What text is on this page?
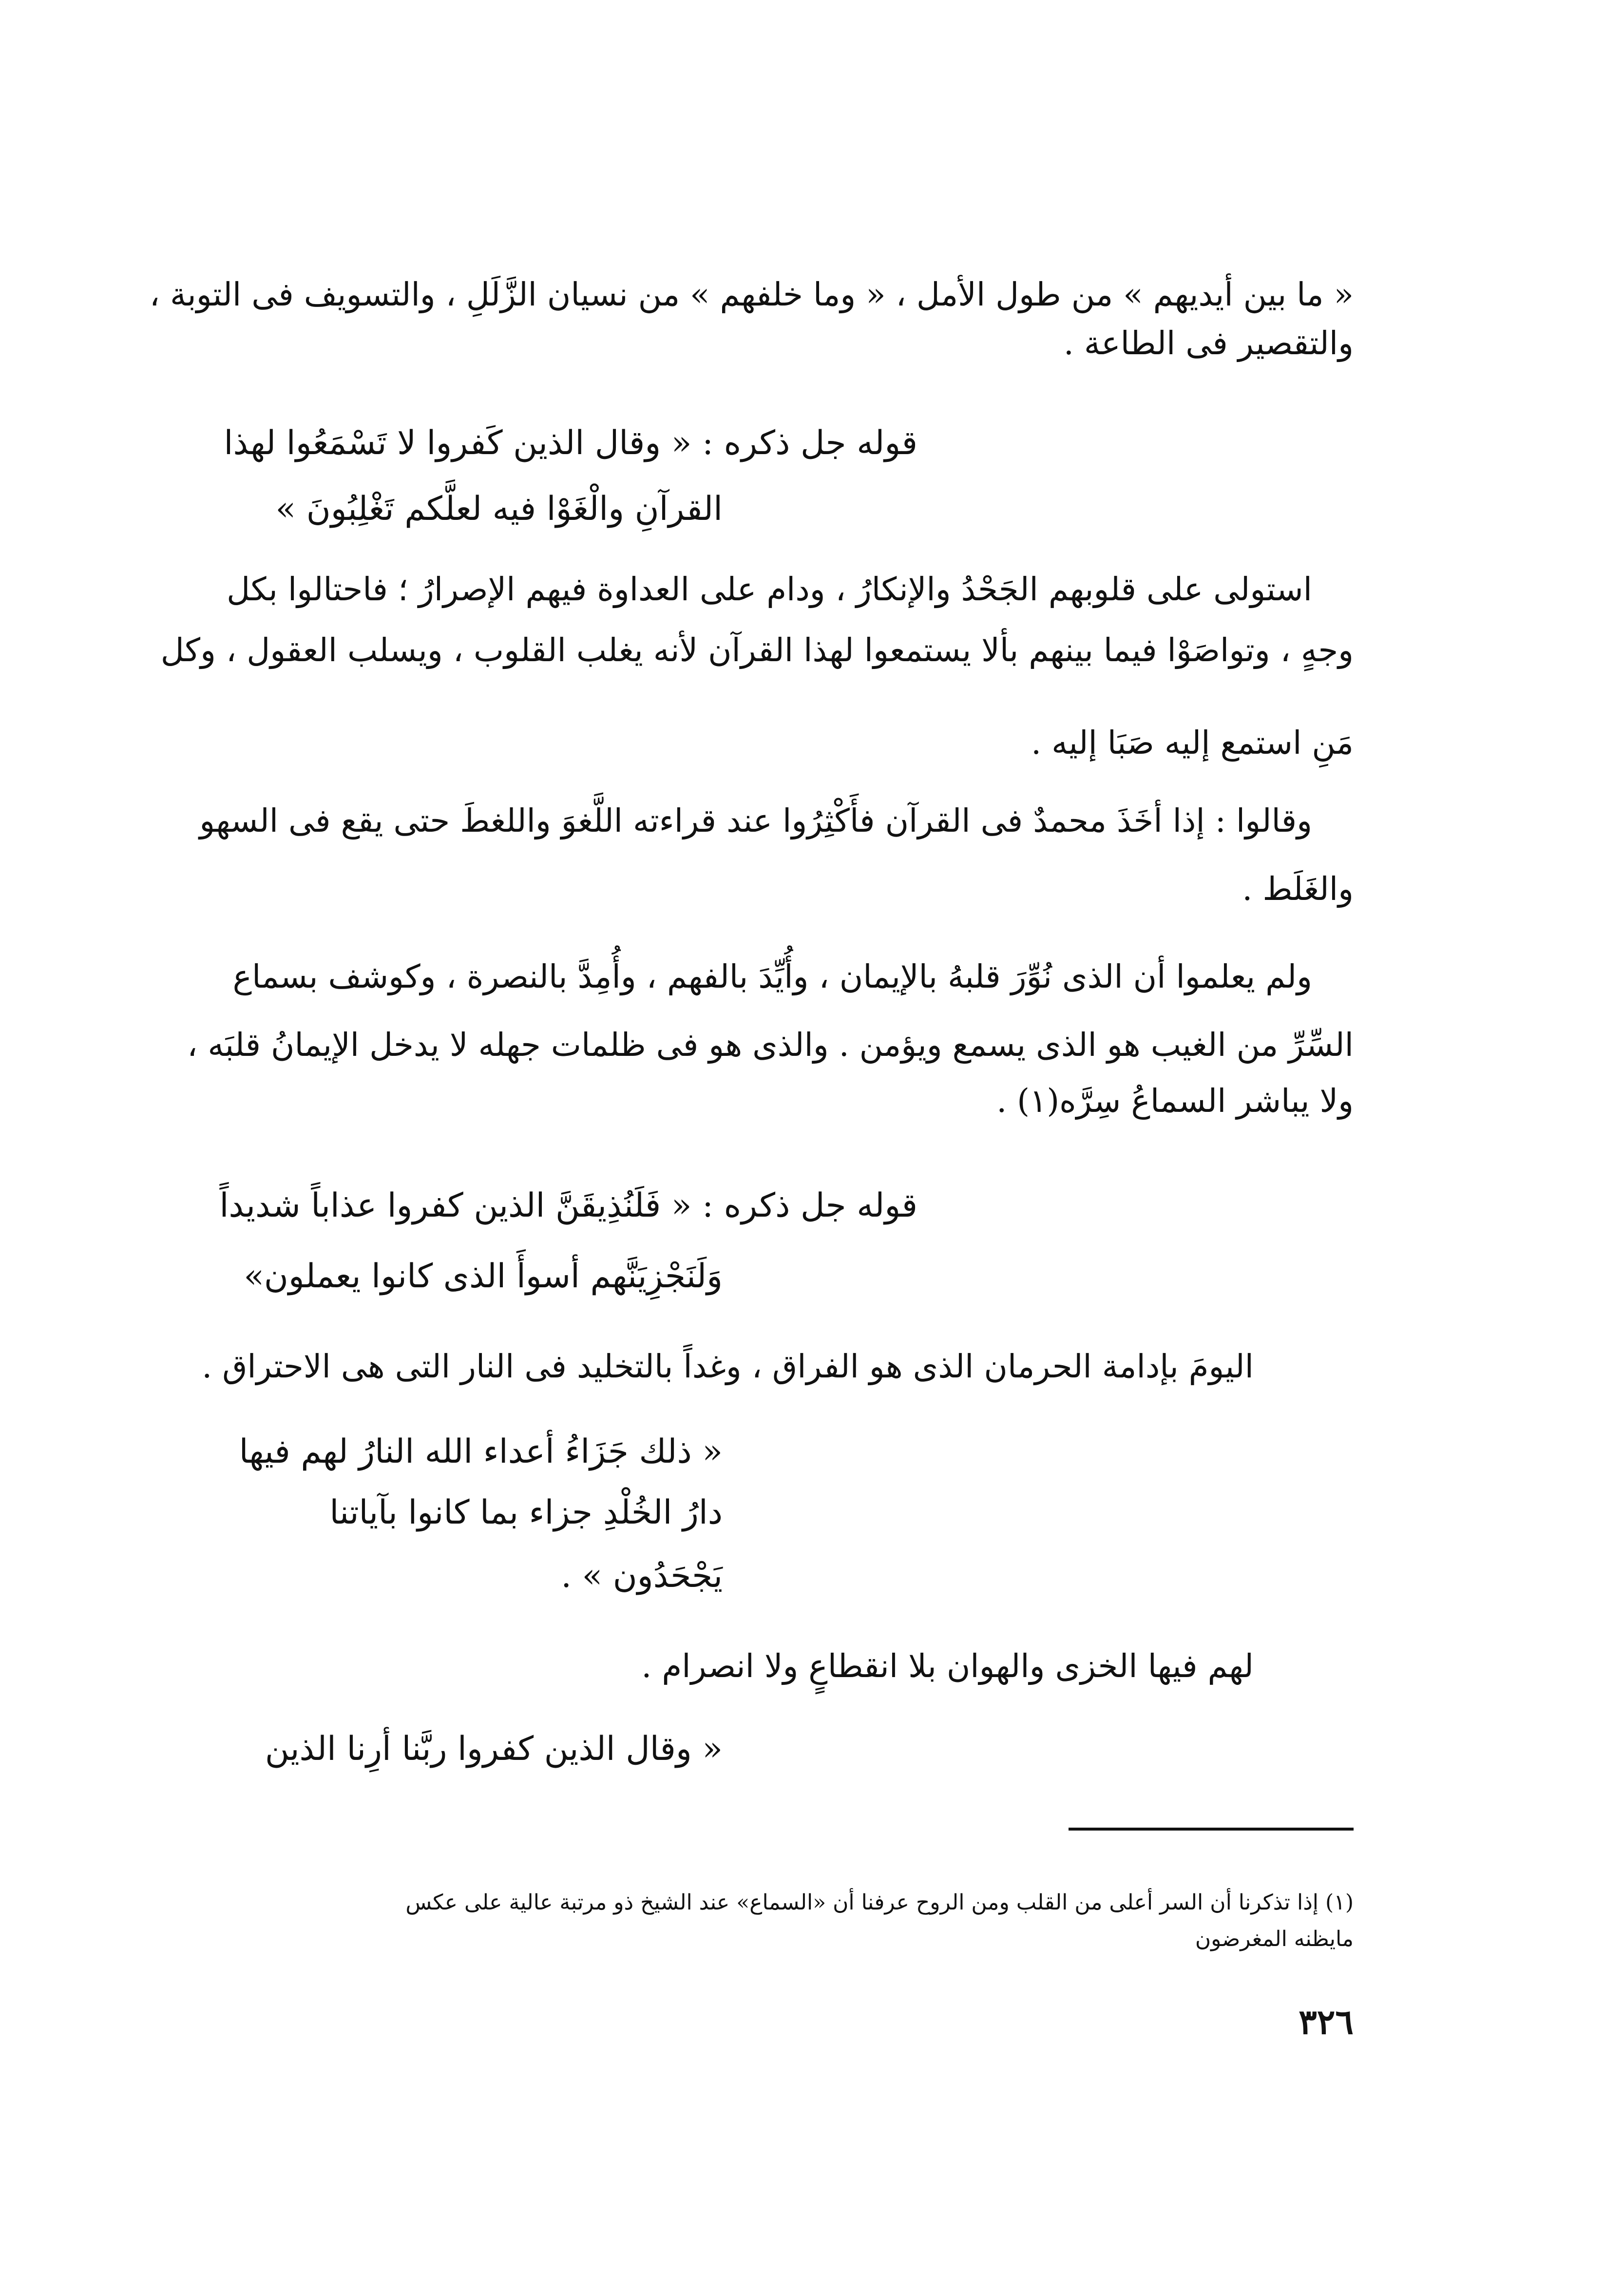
« ما بين أيديهم » من طول الأمل ، « وما خلفهم » من نسيان الزَّلَلِ ، والتسويف فى التوبة ،
والتقصير فى الطاعة .
قوله جل ذكره : « وقال الذين كَفروا لا تَسْمَعُوا لهذا
القرآنِ والْغَوْا فيه لعلَّكم تَغْلِبُونَ »
استولى على قلوبهم الجَحْدُ والإنكارُ ، ودام على العداوة فيهم الإصرارُ ؛ فاحتالوا بكل
وجهٍ ، وتواصَوْا فيما بينهم بألا يستمعوا لهذا القرآن لأنه يغلب القلوب ، ويسلب العقول ، وكل
مَنِ استمع إليه صَبَا إليه .
وقالوا : إذا أخَذَ محمدٌ فى القرآن فأَكْثِرُوا عند قراءته اللَّغوَ واللغطَ حتى يقع فى السهو
والغَلَط .
ولم يعلموا أن الذى نُوِّرَ قلبهُ بالإيمان ، وأُيِّدَ بالفهم ، وأُمِدَّ بالنصرة ، وكوشف بسماع
السِّرِّ من الغيب هو الذى يسمع ويؤمن . والذى هو فى ظلمات جهله لا يدخل الإيمانُ قلبَه ،
ولا يباشر السماعُ سِرَّه(١) .
قوله جل ذكره : « فَلَنُذِيقَنَّ الذين كفروا عذاباً شديداً
وَلَنَجْزِيَنَّهم أسوأَ الذى كانوا يعملون»
اليومَ بإدامة الحرمان الذى هو الفراق ، وغداً بالتخليد فى النار التى هى الاحتراق .
« ذلك جَزَاءُ أعداء الله النارُ لهم فيها
دارُ الخُلْدِ جزاء بما كانوا بآياتنا
يَجْحَدُون » .
لهم فيها الخزى والهوان بلا انقطاعٍ ولا انصرام .
« وقال الذين كفروا ربَّنا أرِنا الذين
(١) إذا تذكرنا أن السر أعلى من القلب ومن الروح عرفنا أن «السماع» عند الشيخ ذو مرتبة عالية على عكس
مايظنه المغرضون
٣٢٦
